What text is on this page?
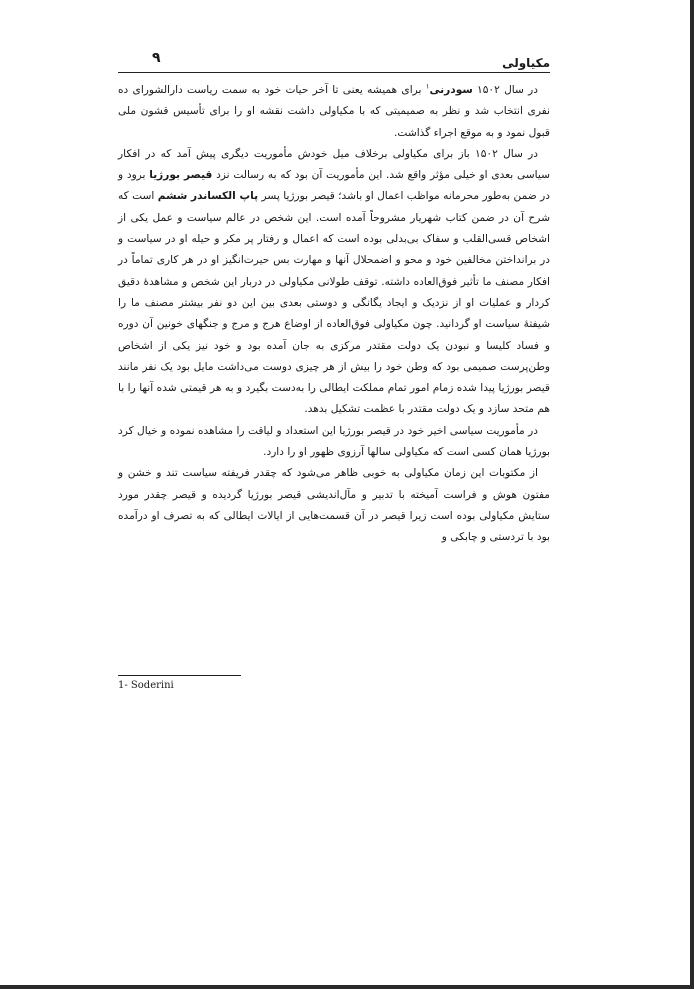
مکیاولی
۹

در سال ۱۵۰۲ سودرنی$^۱$ برای همیشه یعنی تا آخر حیات خود به سمت ریاست دارالشورای ده نفری انتخاب شد و نظر به صمیمیتی که با مکیاولی داشت نقشه او را برای تأسیس قشون ملی قبول نمود و به موقع اجراء گذاشت.

در سال ۱۵۰۲ باز برای مکیاولی برخلاف میل خودش مأموریت دیگری پیش آمد که در افکار سیاسی بعدی او خیلی مؤثر واقع شد. این مأموریت آن بود که به رسالت نزد قیصر بورژیا برود و در ضمن به‌طور محرمانه مواظب اعمال او باشد؛ قیصر بورژیا پسر پاپ الکساندر ششم است که شرح آن در ضمن کتاب شهریار مشروحاً آمده است. این شخص در عالم سیاست و عمل یکی از اشخاص قسی‌القلب و سفاک بی‌بدلی بوده است که اعمال و رفتار پر مکر و حیله او در سیاست و در برانداختن مخالفین خود و محو و اضمحلال آنها و مهارت بس حیرت‌انگیز او در هر کاری تماماً در افکار مصنف ما تأثیر فوق‌العاده داشته. توقف طولانی مکیاولی در دربار این شخص و مشاهدهٔ دقیق کردار و عملیات او از نزدیک و ایجاد یگانگی و دوستی بعدی بین این دو نفر بیشتر مصنف ما را شیفتهٔ سیاست او گردانید. چون مکیاولی فوق‌العاده از اوضاع هرج و مرج و جنگهای خونین آن دوره و فساد کلیسا و نبودن یک دولت مقتدر مرکزی به جان آمده بود و خود نیز یکی از اشخاص وطن‌پرست صمیمی بود که وطن خود را بیش از هر چیزی دوست می‌داشت مایل بود یک نفر مانند قیصر بورژیا پیدا شده زمام امور تمام مملکت ایطالی را به‌دست بگیرد و به هر قیمتی شده آنها را با هم متحد سازد و یک دولت مقتدر با عظمت تشکیل بدهد.

در مأموریت سیاسی اخیر خود در قیصر بورژیا این استعداد و لیاقت را مشاهده نموده و خیال کرد بورژیا همان کسی است که مکیاولی سالها آرزوی ظهور او را دارد.

از مکتوبات این زمان مکیاولی به خوبی ظاهر می‌شود که چقدر فریفته سیاست تند و خشن و مفتون هوش و فراست آمیخته با تدبیر و مآل‌اندیشی قیصر بورژیا گردیده و قیصر چقدر مورد ستایش مکیاولی بوده است زیرا قیصر در آن قسمت‌هایی از ایالات ایطالی که به تصرف او درآمده بود با تردستی و چابکی و

1- Soderini
